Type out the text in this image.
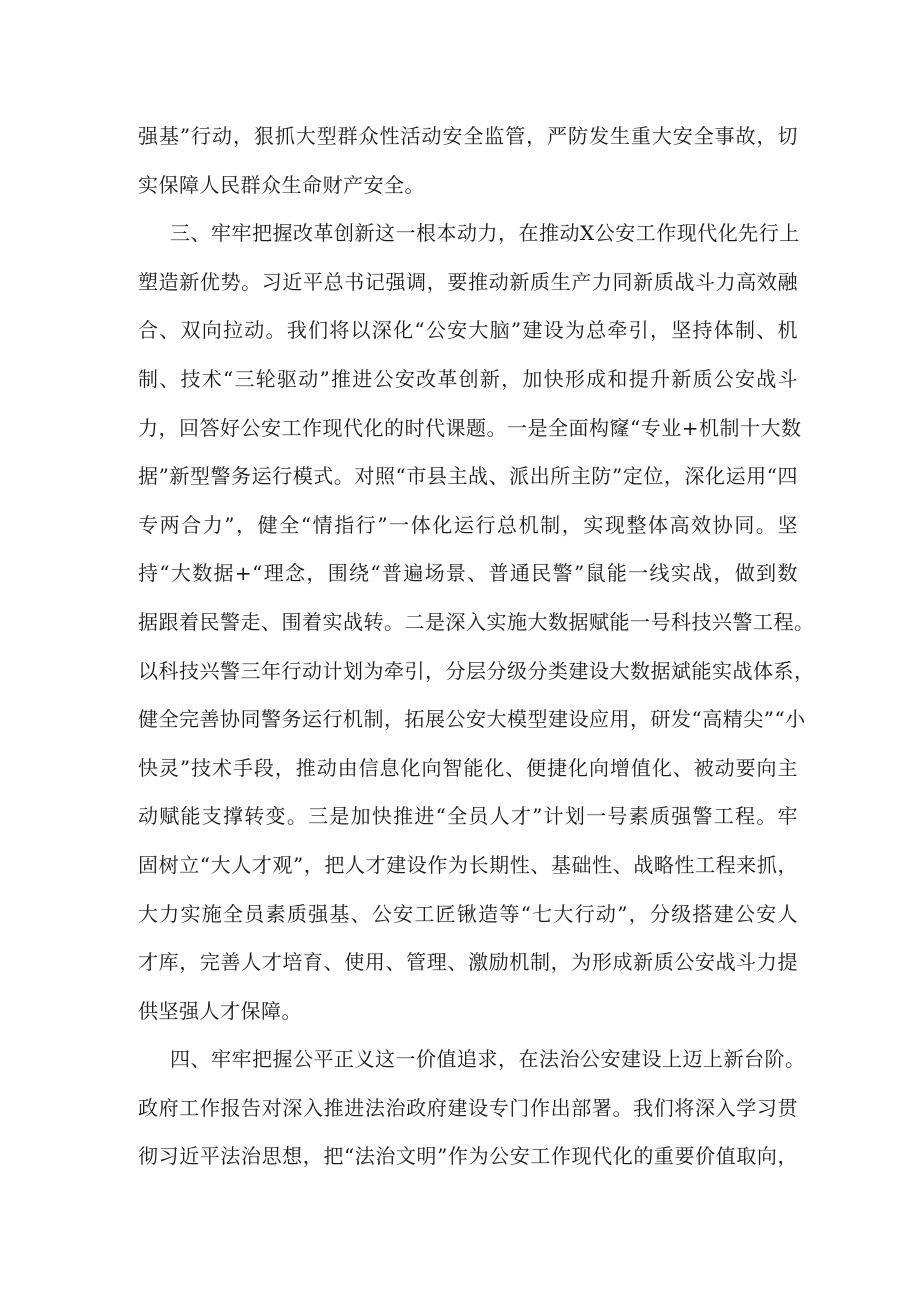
强基”行动，狠抓大型群众性活动安全监管，严防发生重大安全事故，切
实保障人民群众生命财产安全。
三、牢牢把握改革创新这一根本动力，在推动X公安工作现代化先行上
塑造新优势。习近平总书记强调，要推动新质生产力同新质战斗力高效融
合、双向拉动。我们将以深化“公安大脑”建设为总牵引，坚持体制、机
制、技术“三轮驱动”推进公安改革创新，加快形成和提升新质公安战斗
力，回答好公安工作现代化的时代课题。一是全面构窿“专业+机制十大数
据”新型警务运行模式。对照“市县主战、派出所主防”定位，深化运用“四
专两合力”，健全“情指行”一体化运行总机制，实现整体高效协同。坚
持“大数据+“理念，围绕“普遍场景、普通民警”鼠能一线实战，做到数
据跟着民警走、围着实战转。二是深入实施大数据赋能一号科技兴警工程。
以科技兴警三年行动计划为牵引，分层分级分类建设大数据斌能实战体系，
健全完善协同警务运行机制，拓展公安大模型建设应用，研发“高精尖”“小
快灵”技术手段，推动由信息化向智能化、便捷化向增值化、被动要向主
动赋能支撑转变。三是加快推进“全员人才”计划一号素质强警工程。牢
固树立“大人才观”，把人才建设作为长期性、基础性、战略性工程来抓，
大力实施全员素质强基、公安工匠锹造等“七大行动”，分级搭建公安人
才库，完善人才培育、使用、管理、激励机制，为形成新质公安战斗力提
供坚强人才保障。
四、牢牢把握公平正义这一价值追求，在法治公安建设上迈上新台阶。
政府工作报告对深入推进法治政府建设专门作出部署。我们将深入学习贯
彻习近平法治思想，把“法治文明”作为公安工作现代化的重要价值取向，
